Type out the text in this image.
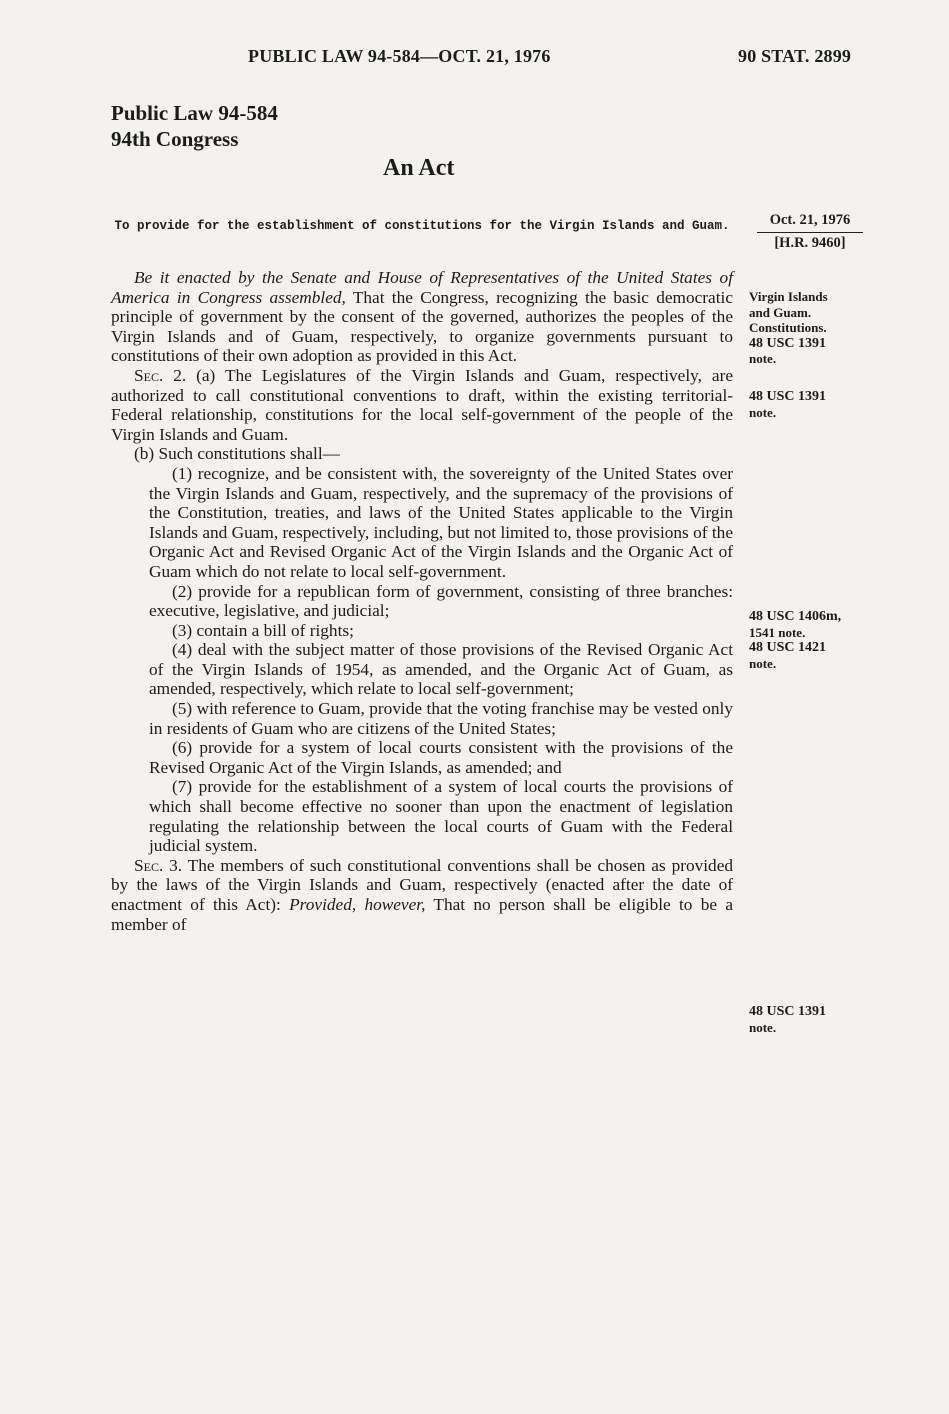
PUBLIC LAW 94-584—OCT. 21, 1976	90 STAT. 2899
Public Law 94-584
94th Congress
An Act
To provide for the establishment of constitutions for the Virgin Islands and Guam.	Oct. 21, 1976
[H.R. 9460]

Be it enacted by the Senate and House of Representatives of the United States of America in Congress assembled, That the Congress, recognizing the basic democratic principle of government by the consent of the governed, authorizes the peoples of the Virgin Islands and of Guam, respectively, to organize governments pursuant to constitutions of their own adoption as provided in this Act.

Sec. 2. (a) The Legislatures of the Virgin Islands and Guam, respectively, are authorized to call constitutional conventions to draft, within the existing territorial-Federal relationship, constitutions for the local self-government of the people of the Virgin Islands and Guam.

(b) Such constitutions shall—

(1) recognize, and be consistent with, the sovereignty of the United States over the Virgin Islands and Guam, respectively, and the supremacy of the provisions of the Constitution, treaties, and laws of the United States applicable to the Virgin Islands and Guam, respectively, including, but not limited to, those provisions of the Organic Act and Revised Organic Act of the Virgin Islands and the Organic Act of Guam which do not relate to local self-government.

(2) provide for a republican form of government, consisting of three branches: executive, legislative, and judicial;

(3) contain a bill of rights;

(4) deal with the subject matter of those provisions of the Revised Organic Act of the Virgin Islands of 1954, as amended, and the Organic Act of Guam, as amended, respectively, which relate to local self-government;

(5) with reference to Guam, provide that the voting franchise may be vested only in residents of Guam who are citizens of the United States;

(6) provide for a system of local courts consistent with the provisions of the Revised Organic Act of the Virgin Islands, as amended; and

(7) provide for the establishment of a system of local courts the provisions of which shall become effective no sooner than upon the enactment of legislation regulating the relationship between the local courts of Guam with the Federal judicial system.

Sec. 3. The members of such constitutional conventions shall be chosen as provided by the laws of the Virgin Islands and Guam, respectively (enacted after the date of enactment of this Act): Provided, however, That no person shall be eligible to be a member of

Virgin Islands
and Guam.
Constitutions.
48 USC 1391
note.
48 USC 1391
note.
48 USC 1406m,
1541 note.
48 USC 1421
note.
48 USC 1391
note.
